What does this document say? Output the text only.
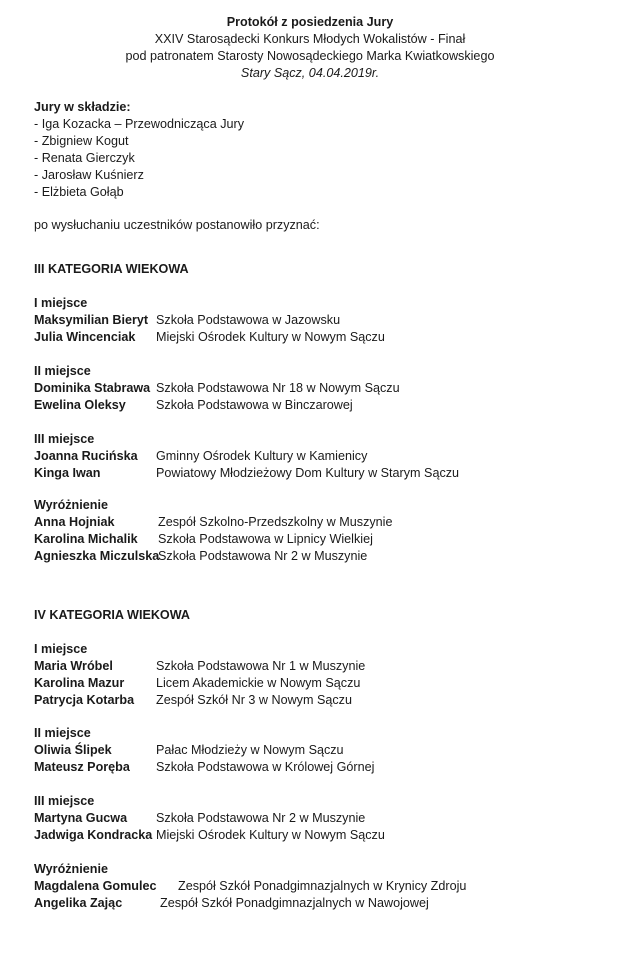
Protokół z posiedzenia Jury
XXIV Starosądecki Konkurs Młodych Wokalistów - Finał
pod patronatem Starosty Nowosądeckiego Marka Kwiatkowskiego
Stary Sącz, 04.04.2019r.
Jury w składzie:
- Iga Kozacka – Przewodnicząca Jury
- Zbigniew Kogut
- Renata Gierczyk
- Jarosław Kuśnierz
- Elżbieta Gołąb
po wysłuchaniu uczestników postanowiło przyznać:
III KATEGORIA WIEKOWA
I miejsce
Maksymilian Bieryt Szkoła Podstawowa w Jazowsku
Julia Wincenciak Miejski Ośrodek Kultury w Nowym Sączu
II miejsce
Dominika Stabrawa Szkoła Podstawowa Nr 18 w Nowym Sączu
Ewelina Oleksy Szkoła Podstawowa w Binczarowej
III miejsce
Joanna Rucińska Gminny Ośrodek Kultury w Kamienicy
Kinga Iwan	Powiatowy Młodzieżowy Dom Kultury w Starym Sączu
Wyróżnienie
Anna Hojniak	Zespół Szkolno-Przedszkolny w Muszynie
Karolina Michalik Szkoła Podstawowa w Lipnicy Wielkiej
Agnieszka Miczulska
Szkoła Podstawowa Nr 2 w Muszynie
IV KATEGORIA WIEKOWA
I miejsce
Maria Wróbel	Szkoła Podstawowa Nr 1 w Muszynie
Karolina Mazur	Licem Akademickie w Nowym Sączu
Patrycja Kotarba Zespół Szkół Nr 3 w Nowym Sączu
II miejsce
Oliwia Ślipek	Pałac Młodzieży w Nowym Sączu
Mateusz Poręba Szkoła Podstawowa w Królowej Górnej
III miejsce
Martyna Gucwa Szkoła Podstawowa Nr 2 w Muszynie
Jadwiga Kondracka Miejski Ośrodek Kultury w Nowym Sączu
Wyróżnienie
Magdalena Gomulec Zespół Szkół Ponadgimnazjalnych w Krynicy Zdroju
Angelika Zając	Zespół Szkół Ponadgimnazjalnych w Nawojowej
